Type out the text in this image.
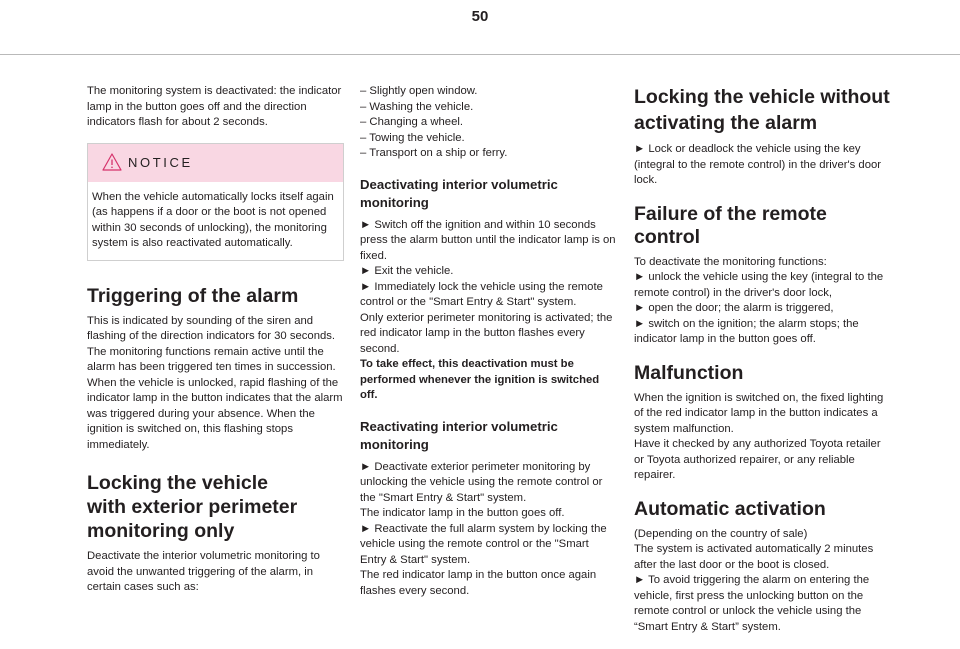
50

The monitoring system is deactivated: the indicator lamp in the button goes off and the direction indicators flash for about 2 seconds.

NOTICE

When the vehicle automatically locks itself again (as happens if a door or the boot is not opened within 30 seconds of unlocking), the monitoring system is also reactivated automatically.

Triggering of the alarm

This is indicated by sounding of the siren and flashing of the direction indicators for 30 seconds.

The monitoring functions remain active until the alarm has been triggered ten times in succession.

When the vehicle is unlocked, rapid flashing of the indicator lamp in the button indicates that the alarm was triggered during your absence. When the ignition is switched on, this flashing stops immediately.

Locking the vehicle
with exterior perimeter
monitoring only

Deactivate the interior volumetric monitoring to avoid the unwanted triggering of the alarm, in certain cases such as:

– Slightly open window.

– Washing the vehicle.

– Changing a wheel.

– Towing the vehicle.

– Transport on a ship or ferry.

Deactivating interior volumetric monitoring

► Switch off the ignition and within 10 seconds press the alarm button until the indicator lamp is on fixed.

► Exit the vehicle.

► Immediately lock the vehicle using the remote control or the "Smart Entry & Start" system.

Only exterior perimeter monitoring is activated; the red indicator lamp in the button flashes every second.

To take effect, this deactivation must be performed whenever the ignition is switched off.

Reactivating interior volumetric monitoring

► Deactivate exterior perimeter monitoring by unlocking the vehicle using the remote control or the "Smart Entry & Start" system.

The indicator lamp in the button goes off.

► Reactivate the full alarm system by locking the vehicle using the remote control or the "Smart Entry & Start" system.

The red indicator lamp in the button once again flashes every second.

Locking the vehicle without
activating the alarm

► Lock or deadlock the vehicle using the key (integral to the remote control) in the driver's door lock.

Failure of the remote control

To deactivate the monitoring functions:

► unlock the vehicle using the key (integral to the remote control) in the driver's door lock,

► open the door; the alarm is triggered,

► switch on the ignition; the alarm stops; the indicator lamp in the button goes off.

Malfunction

When the ignition is switched on, the fixed lighting of the red indicator lamp in the button indicates a system malfunction.

Have it checked by any authorized Toyota retailer or Toyota authorized repairer, or any reliable repairer.

Automatic activation

(Depending on the country of sale)

The system is activated automatically 2 minutes after the last door or the boot is closed.

► To avoid triggering the alarm on entering the vehicle, first press the unlocking button on the remote control or unlock the vehicle using the “Smart Entry & Start” system.
